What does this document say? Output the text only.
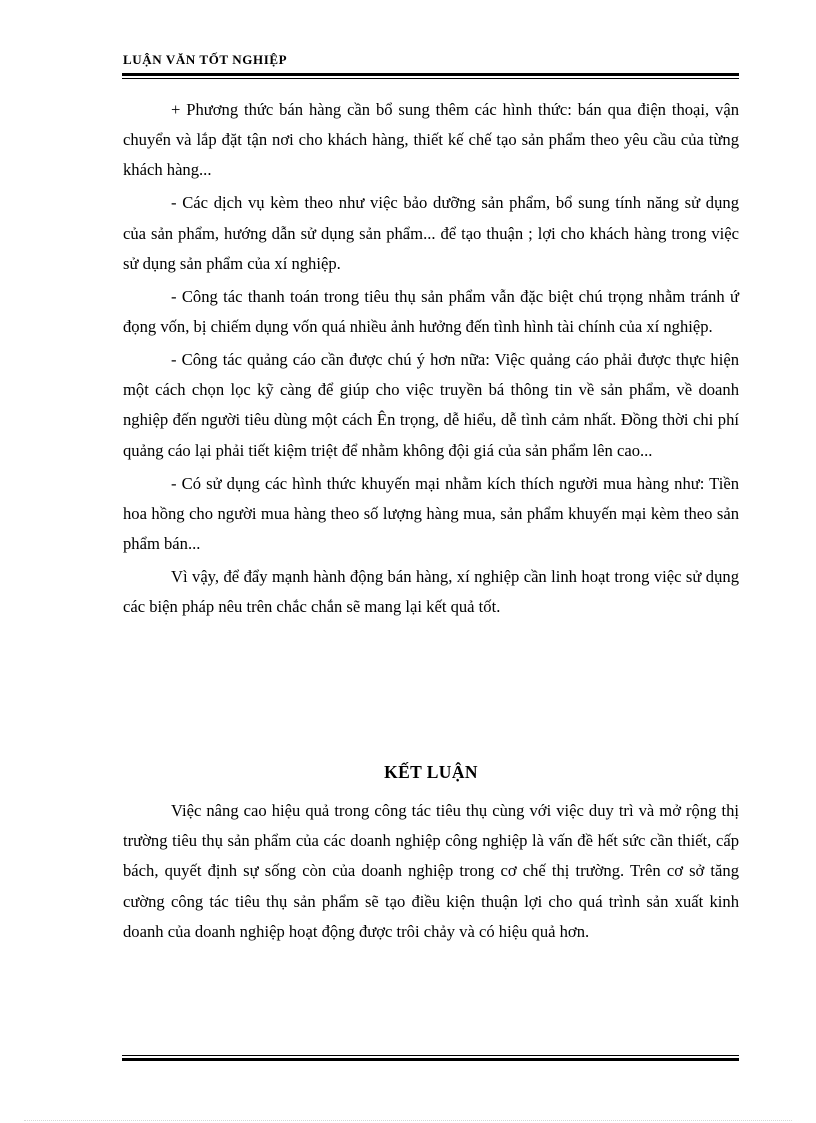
LUẬN VĂN TỐT NGHIỆP

+ Phương thức bán hàng cần bổ sung thêm các hình thức: bán qua điện thoại, vận chuyển và lắp đặt tận nơi cho khách hàng, thiết kế chế tạo sản phẩm theo yêu cầu của từng khách hàng...

- Các dịch vụ kèm theo như việc bảo dưỡng sản phẩm, bổ sung tính năng sử dụng của sản phẩm, hướng dẫn sử dụng sản phẩm... để tạo thuận ; lợi cho khách hàng trong việc sử dụng sản phẩm của xí nghiệp.

- Công tác thanh toán trong tiêu thụ sản phẩm vẫn đặc biệt chú trọng nhằm tránh ứ đọng vốn, bị chiếm dụng vốn quá nhiều ảnh hưởng đến tình hình tài chính của xí nghiệp.

- Công tác quảng cáo cần được chú ý hơn nữa: Việc quảng cáo phải được thực hiện một cách chọn lọc kỹ càng để giúp cho việc truyền bá thông tin về sản phẩm, về doanh nghiệp đến người tiêu dùng một cách Ên trọng, dễ hiểu, dễ tình cảm nhất. Đồng thời chi phí quảng cáo lại phải tiết kiệm triệt để nhằm không đội giá của sản phẩm lên cao...

- Có sử dụng các hình thức khuyến mại nhằm kích thích người mua hàng như: Tiền hoa hồng cho người mua hàng theo số lượng hàng mua, sản phẩm khuyến mại kèm theo sản phẩm bán...

Vì vậy, để đẩy mạnh hành động bán hàng, xí nghiệp cần linh hoạt trong việc sử dụng các biện pháp nêu trên chắc chắn sẽ mang lại kết quả tốt.

KẾT LUẬN

Việc nâng cao hiệu quả trong công tác tiêu thụ cùng với việc duy trì và mở rộng thị trường tiêu thụ sản phẩm của các doanh nghiệp công nghiệp là vấn đề hết sức cần thiết, cấp bách, quyết định sự sống còn của doanh nghiệp trong cơ chế thị trường. Trên cơ sở tăng cường công tác tiêu thụ sản phẩm sẽ tạo điều kiện thuận lợi cho quá trình sản xuất kinh doanh của doanh nghiệp hoạt động được trôi chảy và có hiệu quả hơn.
